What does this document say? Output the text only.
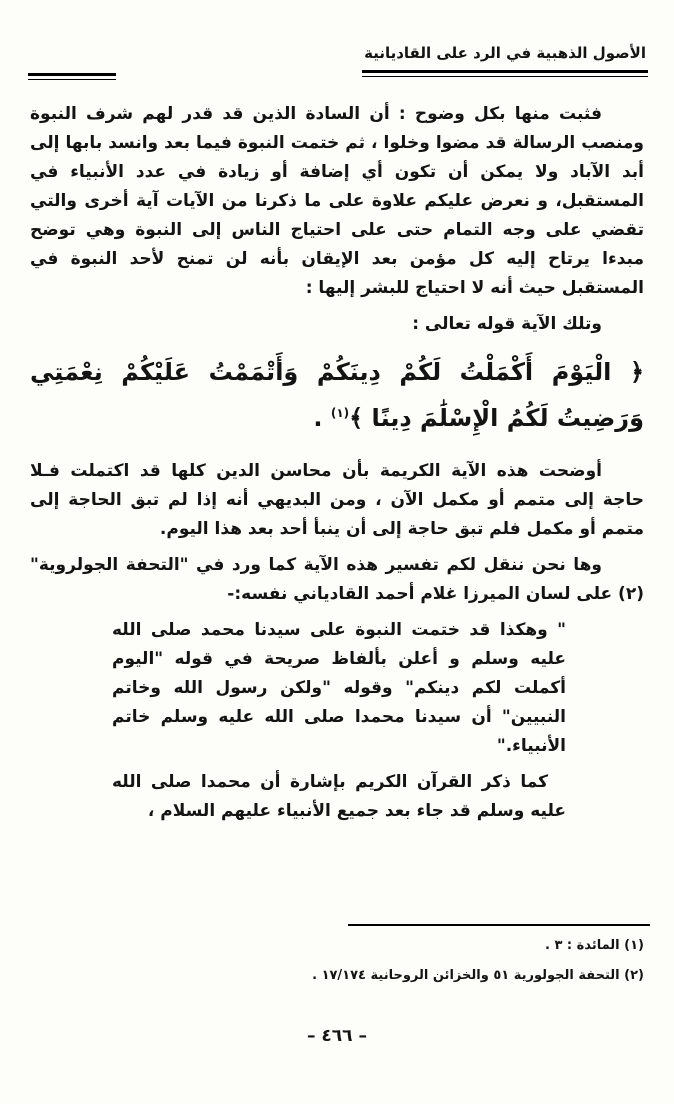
الأصول الذهبية في الرد على القاديانية

فثبت منها بكل وضوح : أن السادة الذين قد قدر لهم شرف النبوة ومنصب الرسالة قد مضوا وخلوا ، ثم ختمت النبوة فيما بعد وانسد بابها إلى أبد الآباد ولا يمكن أن تكون أي إضافة أو زيادة في عدد الأنبياء في المستقبل، و نعرض عليكم علاوة على ما ذكرنا من الآيات آية أخرى والتي تقضي على وجه التمام حتى على احتياج الناس إلى النبوة وهي توضح مبدءا يرتاح إليه كل مؤمن بعد الإيقان بأنه لن تمنح لأحد النبوة في المستقبل حيث أنه لا احتياج للبشر إليها :

وتلك الآية قوله تعالى :

﴿ الْيَوْمَ أَكْمَلْتُ لَكُمْ دِينَكُمْ وَأَتْمَمْتُ عَلَيْكُمْ نِعْمَتِي وَرَضِيتُ لَكُمُ الْإِسْلَٰمَ دِينًا ﴾$^{(١)}$ .

أوضحت هذه الآية الكريمة بأن محاسن الدين كلها قد اكتملت فـلا حاجة إلى متمم أو مكمل الآن ، ومن البديهي أنه إذا لم تبق الحاجة إلى متمم أو مكمل فلم تبق حاجة إلى أن ينبأ أحد بعد هذا اليوم.

وها نحن ننقل لكم تفسير هذه الآية كما ورد في "التحفة الجولروية" (٢) على لسان الميرزا غلام أحمد القادياني نفسه:-

" وهكذا قد ختمت النبوة على سيدنا محمد صلى الله عليه وسلم و أعلن بألفاظ صريحة في قوله "اليوم أكملت لكم دينكم" وقوله "ولكن رسول الله وخاتم النبيين" أن سيدنا محمدا صلى الله عليه وسلم خاتم الأنبياء."

كما ذكر القرآن الكريم بإشارة أن محمدا صلى الله عليه وسلم قد جاء بعد جميع الأنبياء عليهم السلام ،

(١) المائدة : ٣ .
(٢) التحفة الجولورية ٥١ والخزائن الروحانية ١٧/١٧٤ .
– ٤٦٦ –
